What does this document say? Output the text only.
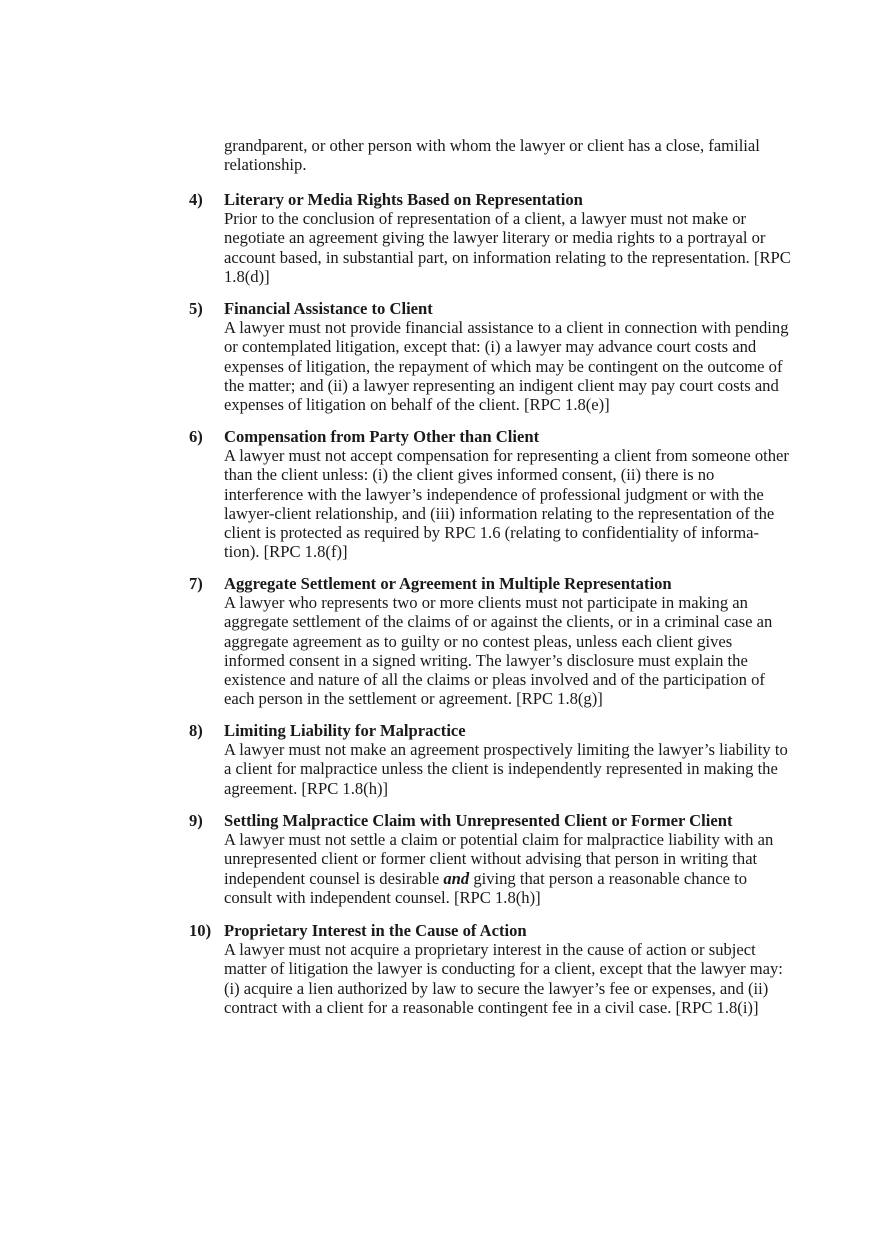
grandparent, or other person with whom the lawyer or client has a close, familial relationship.
4)	Literary or Media Rights Based on Representation
Prior to the conclusion of representation of a client, a lawyer must not make or negotiate an agreement giving the lawyer literary or media rights to a portrayal or account based, in substantial part, on information relating to the representation. [RPC 1.8(d)]
5)	Financial Assistance to Client
A lawyer must not provide financial assistance to a client in connection with pending or contemplated litigation, except that: (i) a lawyer may advance court costs and expenses of litigation, the repayment of which may be contingent on the outcome of the matter; and (ii) a lawyer representing an indigent client may pay court costs and expenses of litigation on behalf of the client. [RPC 1.8(e)]
6)	Compensation from Party Other than Client
A lawyer must not accept compensation for representing a client from someone other than the client unless: (i) the client gives informed consent, (ii) there is no interference with the lawyer’s independence of professional judgment or with the lawyer-client relationship, and (iii) information relating to the representation of the client is protected as required by RPC 1.6 (relating to confidentiality of informa-tion). [RPC 1.8(f)]
7)	Aggregate Settlement or Agreement in Multiple Representation
A lawyer who represents two or more clients must not participate in making an aggregate settlement of the claims of or against the clients, or in a criminal case an aggregate agreement as to guilty or no contest pleas, unless each client gives informed consent in a signed writing. The lawyer’s disclosure must explain the existence and nature of all the claims or pleas involved and of the participation of each person in the settlement or agreement. [RPC 1.8(g)]
8)	Limiting Liability for Malpractice
A lawyer must not make an agreement prospectively limiting the lawyer’s liability to a client for malpractice unless the client is independently represented in making the agreement. [RPC 1.8(h)]
9)	Settling Malpractice Claim with Unrepresented Client or Former Client
A lawyer must not settle a claim or potential claim for malpractice liability with an unrepresented client or former client without advising that person in writing that independent counsel is desirable and giving that person a reasonable chance to consult with independent counsel. [RPC 1.8(h)]
10) Proprietary Interest in the Cause of Action
A lawyer must not acquire a proprietary interest in the cause of action or subject matter of litigation the lawyer is conducting for a client, except that the lawyer may: (i) acquire a lien authorized by law to secure the lawyer’s fee or expenses, and (ii) contract with a client for a reasonable contingent fee in a civil case. [RPC 1.8(i)]
